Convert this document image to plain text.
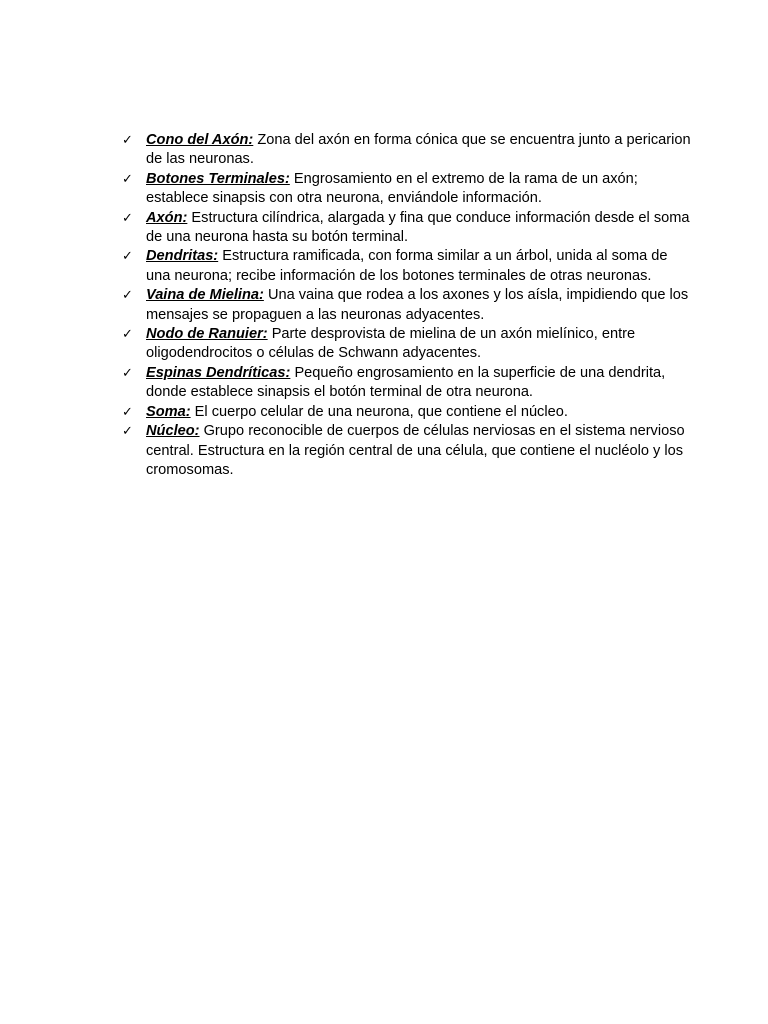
✓ Cono del Axón: Zona del axón en forma cónica que se encuentra junto a pericarion de las neuronas.
✓ Botones Terminales: Engrosamiento en el extremo de la rama de un axón; establece sinapsis con otra neurona, enviándole información.
✓ Axón: Estructura cilíndrica, alargada y fina que conduce información desde el soma de una neurona hasta su botón terminal.
✓ Dendritas: Estructura ramificada, con forma similar a un árbol, unida al soma de una neurona; recibe información de los botones terminales de otras neuronas.
✓ Vaina de Mielina: Una vaina que rodea a los axones y los aísla, impidiendo que los mensajes se propaguen a las neuronas adyacentes.
✓ Nodo de Ranuier: Parte desprovista de mielina de un axón mielínico, entre oligodendrocitos o células de Schwann adyacentes.
✓ Espinas Dendríticas: Pequeño engrosamiento en la superficie de una dendrita, donde establece sinapsis el botón terminal de otra neurona.
✓ Soma: El cuerpo celular de una neurona, que contiene el núcleo.
✓ Núcleo: Grupo reconocible de cuerpos de células nerviosas en el sistema nervioso central. Estructura en la región central de una célula, que contiene el nucléolo y los cromosomas.
